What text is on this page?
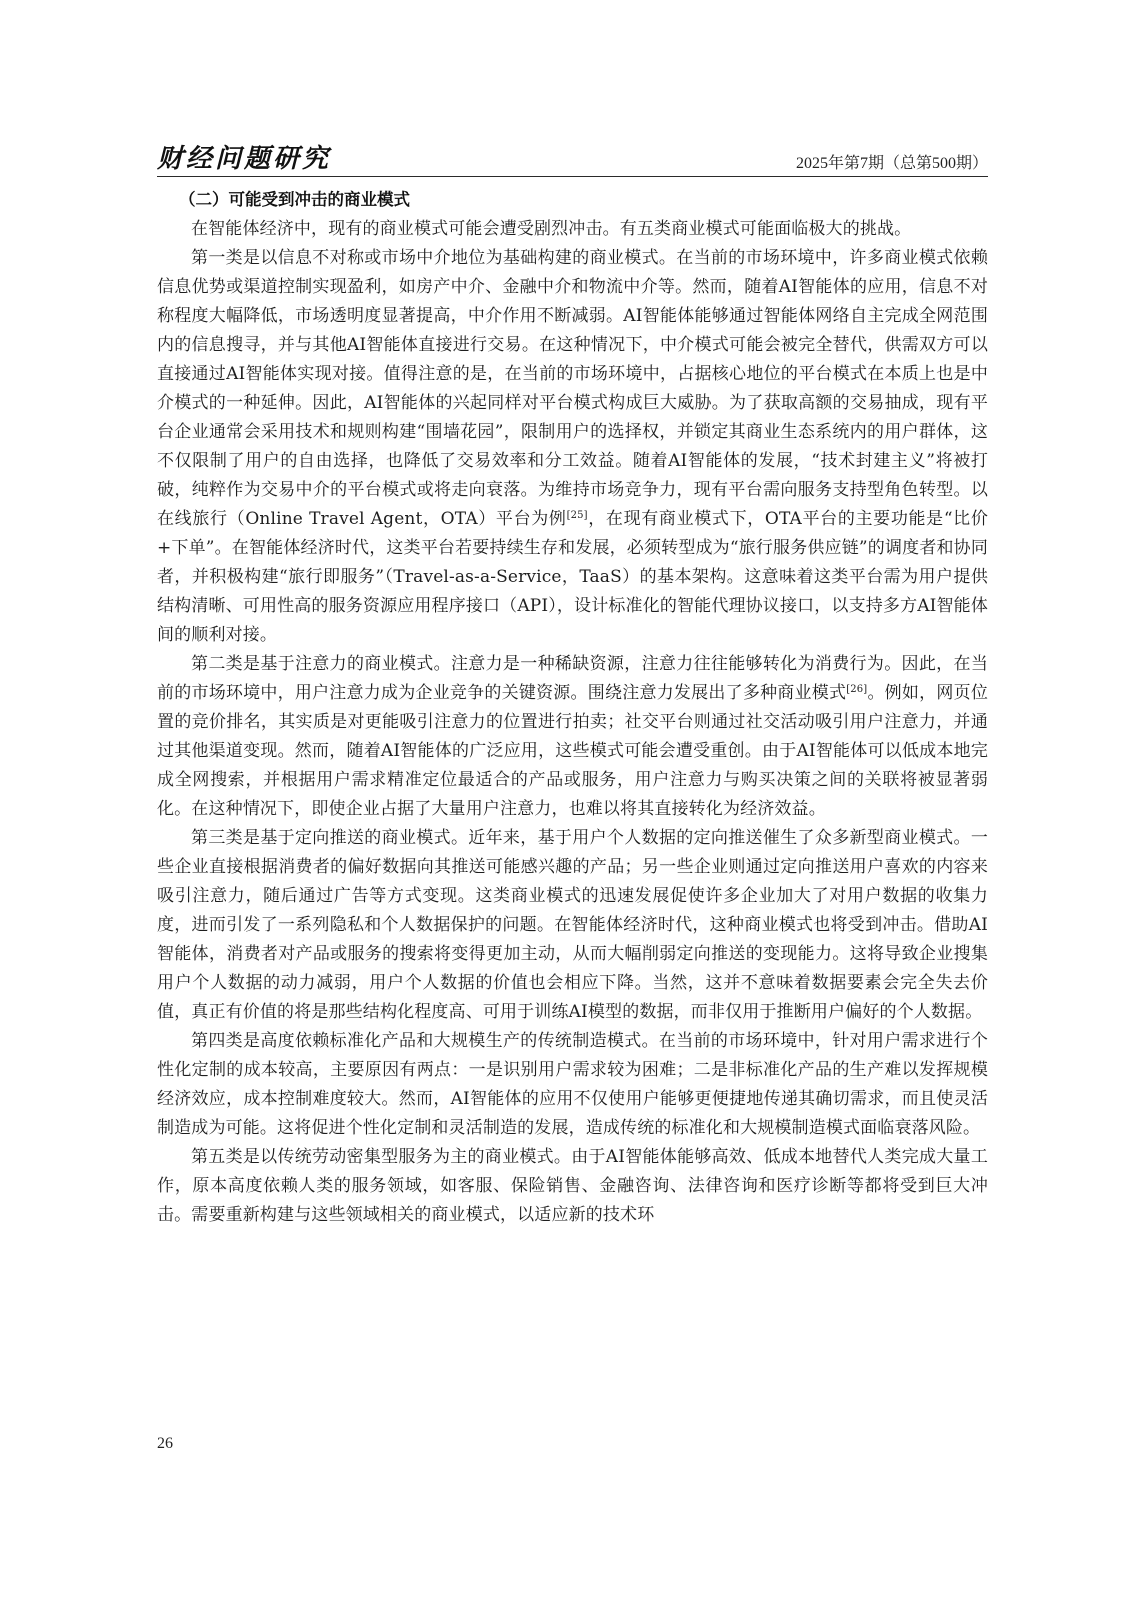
财经问题研究	2025年第7期（总第500期）
（二）可能受到冲击的商业模式

在智能体经济中，现有的商业模式可能会遭受剧烈冲击。有五类商业模式可能面临极大的挑战。

第一类是以信息不对称或市场中介地位为基础构建的商业模式。在当前的市场环境中，许多商业模式依赖信息优势或渠道控制实现盈利，如房产中介、金融中介和物流中介等。然而，随着AI智能体的应用，信息不对称程度大幅降低，市场透明度显著提高，中介作用不断减弱。AI智能体能够通过智能体网络自主完成全网范围内的信息搜寻，并与其他AI智能体直接进行交易。在这种情况下，中介模式可能会被完全替代，供需双方可以直接通过AI智能体实现对接。值得注意的是，在当前的市场环境中，占据核心地位的平台模式在本质上也是中介模式的一种延伸。因此，AI智能体的兴起同样对平台模式构成巨大威胁。为了获取高额的交易抽成，现有平台企业通常会采用技术和规则构建“围墙花园”，限制用户的选择权，并锁定其商业生态系统内的用户群体，这不仅限制了用户的自由选择，也降低了交易效率和分工效益。随着AI智能体的发展，“技术封建主义”将被打破，纯粹作为交易中介的平台模式或将走向衰落。为维持市场竞争力，现有平台需向服务支持型角色转型。以在线旅行（Online Travel Agent，OTA）平台为例[25]，在现有商业模式下，OTA平台的主要功能是“比价+下单”。在智能体经济时代，这类平台若要持续生存和发展，必须转型成为“旅行服务供应链”的调度者和协同者，并积极构建“旅行即服务”（Travel-as-a-Service，TaaS）的基本架构。这意味着这类平台需为用户提供结构清晰、可用性高的服务资源应用程序接口（API），设计标准化的智能代理协议接口，以支持多方AI智能体间的顺利对接。

第二类是基于注意力的商业模式。注意力是一种稀缺资源，注意力往往能够转化为消费行为。因此，在当前的市场环境中，用户注意力成为企业竞争的关键资源。围绕注意力发展出了多种商业模式[26]。例如，网页位置的竞价排名，其实质是对更能吸引注意力的位置进行拍卖；社交平台则通过社交活动吸引用户注意力，并通过其他渠道变现。然而，随着AI智能体的广泛应用，这些模式可能会遭受重创。由于AI智能体可以低成本地完成全网搜索，并根据用户需求精准定位最适合的产品或服务，用户注意力与购买决策之间的关联将被显著弱化。在这种情况下，即使企业占据了大量用户注意力，也难以将其直接转化为经济效益。

第三类是基于定向推送的商业模式。近年来，基于用户个人数据的定向推送催生了众多新型商业模式。一些企业直接根据消费者的偏好数据向其推送可能感兴趣的产品；另一些企业则通过定向推送用户喜欢的内容来吸引注意力，随后通过广告等方式变现。这类商业模式的迅速发展促使许多企业加大了对用户数据的收集力度，进而引发了一系列隐私和个人数据保护的问题。在智能体经济时代，这种商业模式也将受到冲击。借助AI智能体，消费者对产品或服务的搜索将变得更加主动，从而大幅削弱定向推送的变现能力。这将导致企业搜集用户个人数据的动力减弱，用户个人数据的价值也会相应下降。当然，这并不意味着数据要素会完全失去价值，真正有价值的将是那些结构化程度高、可用于训练AI模型的数据，而非仅用于推断用户偏好的个人数据。

第四类是高度依赖标准化产品和大规模生产的传统制造模式。在当前的市场环境中，针对用户需求进行个性化定制的成本较高，主要原因有两点：一是识别用户需求较为困难；二是非标准化产品的生产难以发挥规模经济效应，成本控制难度较大。然而，AI智能体的应用不仅使用户能够更便捷地传递其确切需求，而且使灵活制造成为可能。这将促进个性化定制和灵活制造的发展，造成传统的标准化和大规模制造模式面临衰落风险。

第五类是以传统劳动密集型服务为主的商业模式。由于AI智能体能够高效、低成本地替代人类完成大量工作，原本高度依赖人类的服务领域，如客服、保险销售、金融咨询、法律咨询和医疗诊断等都将受到巨大冲击。需要重新构建与这些领域相关的商业模式，以适应新的技术环

26
